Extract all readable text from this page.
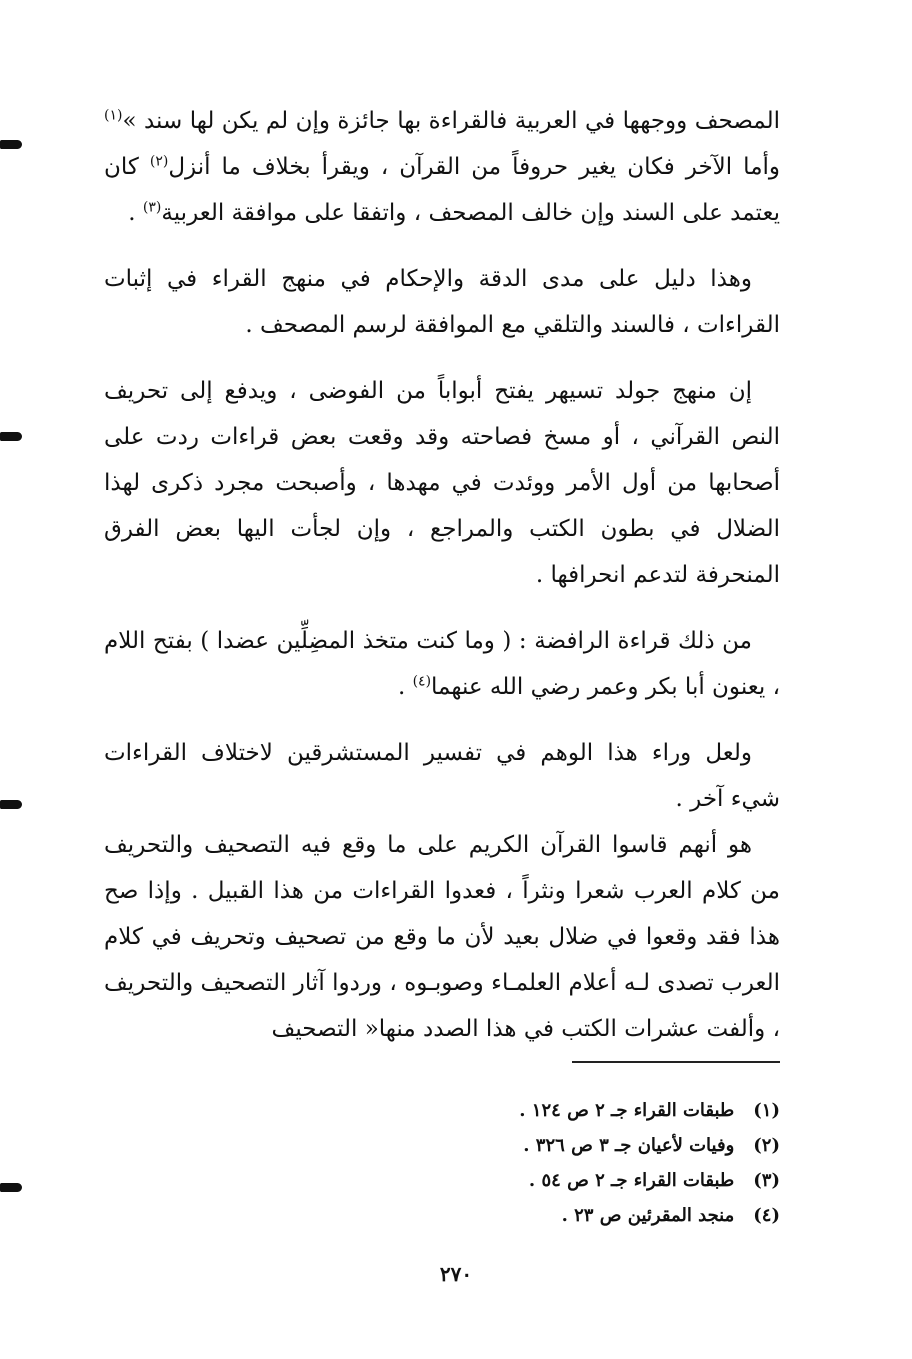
المصحف ووجهها في العربية فالقراءة بها جائزة وإن لم يكن لها سند »$^{(١)}$ وأما الآخر فكان يغير حروفاً من القرآن ، ويقرأ بخلاف ما أنزل$^{(٢)}$ كان يعتمد على السند وإن خالف المصحف ، واتفقا على موافقة العربية$^{(٣)}$ .

وهذا دليل على مدى الدقة والإحكام في منهج القراء في إثبات القراءات ، فالسند والتلقي مع الموافقة لرسم المصحف .

إن منهج جولد تسيهر يفتح أبواباً من الفوضى ، ويدفع إلى تحريف النص القرآني ، أو مسخ فصاحته وقد وقعت بعض قراءات ردت على أصحابها من أول الأمر ووئدت في مهدها ، وأصبحت مجرد ذكرى لهذا الضلال في بطون الكتب والمراجع ، وإن لجأت اليها بعض الفرق المنحرفة لتدعم انحرافها .

من ذلك قراءة الرافضة : ( وما كنت متخذ المضِلِّين عضدا ) بفتح اللام ، يعنون أبا بكر وعمر رضي الله عنهما$^{(٤)}$ .

ولعل وراء هذا الوهم في تفسير المستشرقين لاختلاف القراءات شيء آخر .

هو أنهم قاسوا القرآن الكريم على ما وقع فيه التصحيف والتحريف من كلام العرب شعرا ونثراً ، فعدوا القراءات من هذا القبيل . وإذا صح هذا فقد وقعوا في ضلال بعيد لأن ما وقع من تصحيف وتحريف في كلام العرب تصدى لـه أعلام العلمـاء وصوبـوه ، وردوا آثار التصحيف والتحريف ، وألفت عشرات الكتب في هذا الصدد منها« التصحيف

(١) طبقات القراء جـ ٢ ص ١٢٤ .
(٢) وفيات لأعيان جـ ٣ ص ٣٢٦ .
(٣) طبقات القراء جـ ٢ ص ٥٤ .
(٤) منجد المقرئين ص ٢٣ .
٢٧٠
